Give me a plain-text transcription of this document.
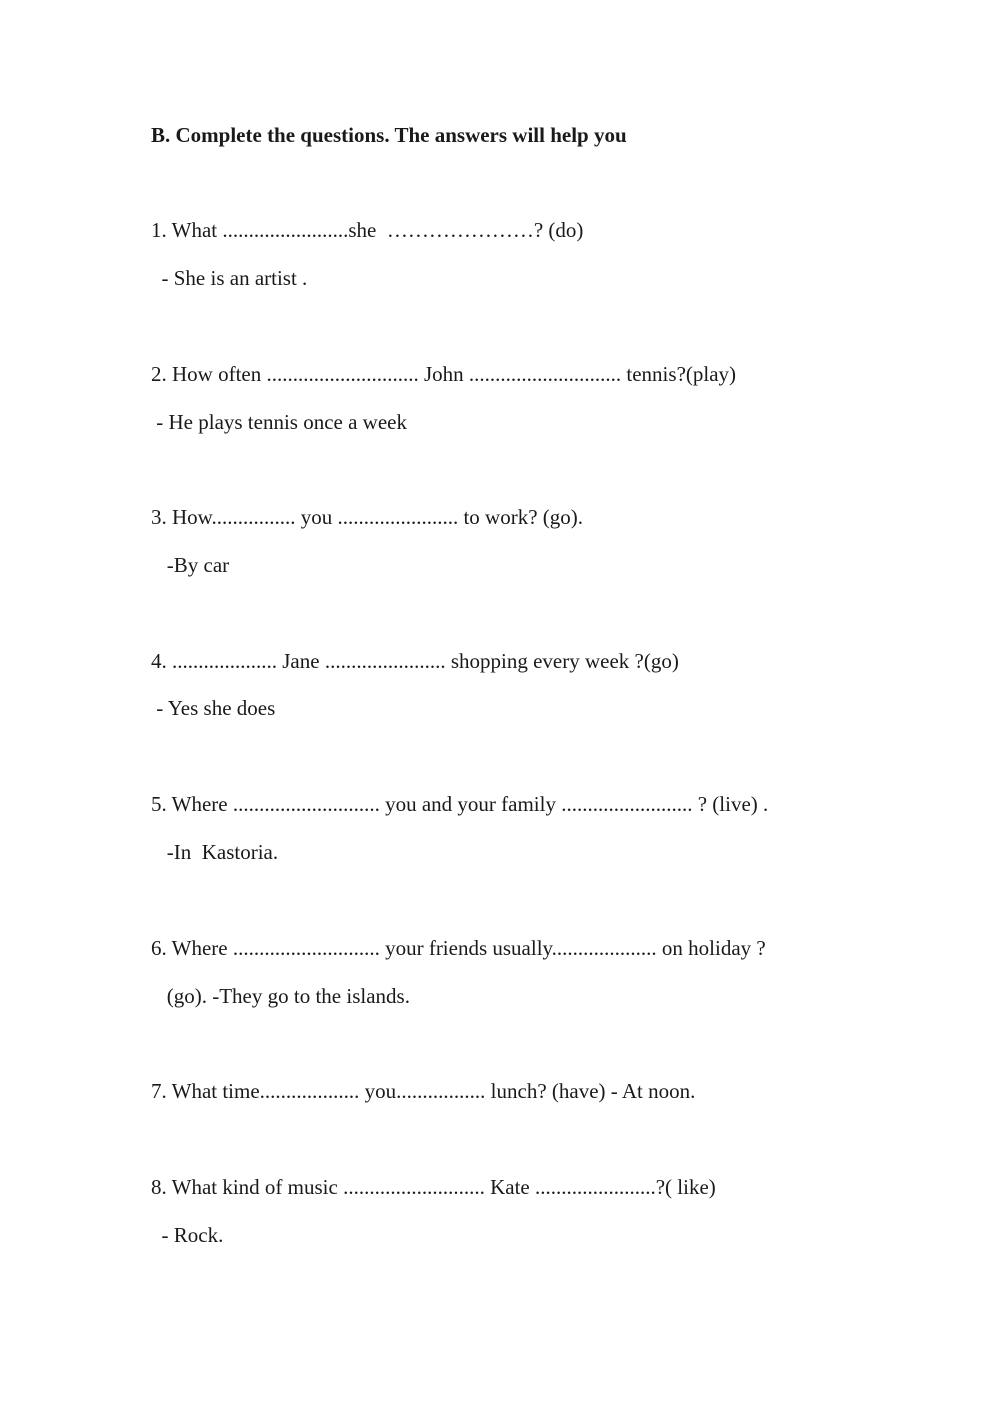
B. Complete the questions. The answers will help you
1. What ........................she  …………………? (do)
- She is an artist .
2. How often ............................. John ............................. tennis?(play)
- He plays tennis once a week
3. How................ you ....................... to work? (go).
-By car
4. .................... Jane ....................... shopping every week ?(go)
- Yes she does
5. Where ............................ you and your family ......................... ? (live) .
-In  Kastoria.
6. Where ............................ your friends usually.................... on holiday ?
(go). -They go to the islands.
7. What time................... you................. lunch? (have) - At noon.
8. What kind of music ........................... Kate .......................?( like)
- Rock.
